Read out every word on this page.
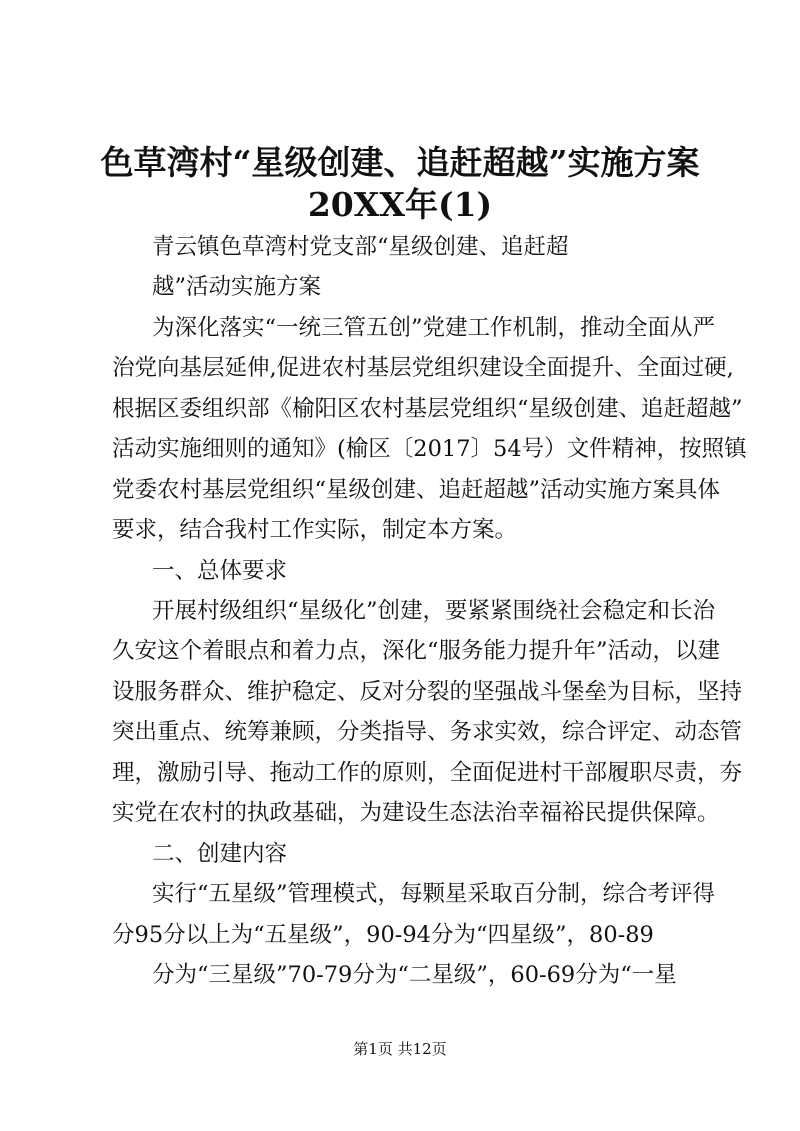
色草湾村“星级创建、追赶超越”实施方案
20XX年(1)
青云镇色草湾村党支部“星级创建、追赶超
越”活动实施方案
为深化落实“一统三管五创”党建工作机制，推动全面从严
治党向基层延伸,促进农村基层党组织建设全面提升、全面过硬,
根据区委组织部《榆阳区农村基层党组织“星级创建、追赶超越”
活动实施细则的通知》(榆区〔2017〕54号）文件精神，按照镇
党委农村基层党组织“星级创建、追赶超越”活动实施方案具体
要求，结合我村工作实际，制定本方案。
一、总体要求
开展村级组织“星级化”创建，要紧紧围绕社会稳定和长治
久安这个着眼点和着力点，深化“服务能力提升年”活动，以建
设服务群众、维护稳定、反对分裂的坚强战斗堡垒为目标，坚持
突出重点、统筹兼顾，分类指导、务求实效，综合评定、动态管
理，激励引导、拖动工作的原则，全面促进村干部履职尽责，夯
实党在农村的执政基础，为建设生态法治幸福裕民提供保障。
二、创建内容
实行“五星级”管理模式，每颗星采取百分制，综合考评得
分95分以上为“五星级”，90-94分为“四星级”，80-89
分为“三星级”70-79分为“二星级”，60-69分为“一星
第1页 共12页
